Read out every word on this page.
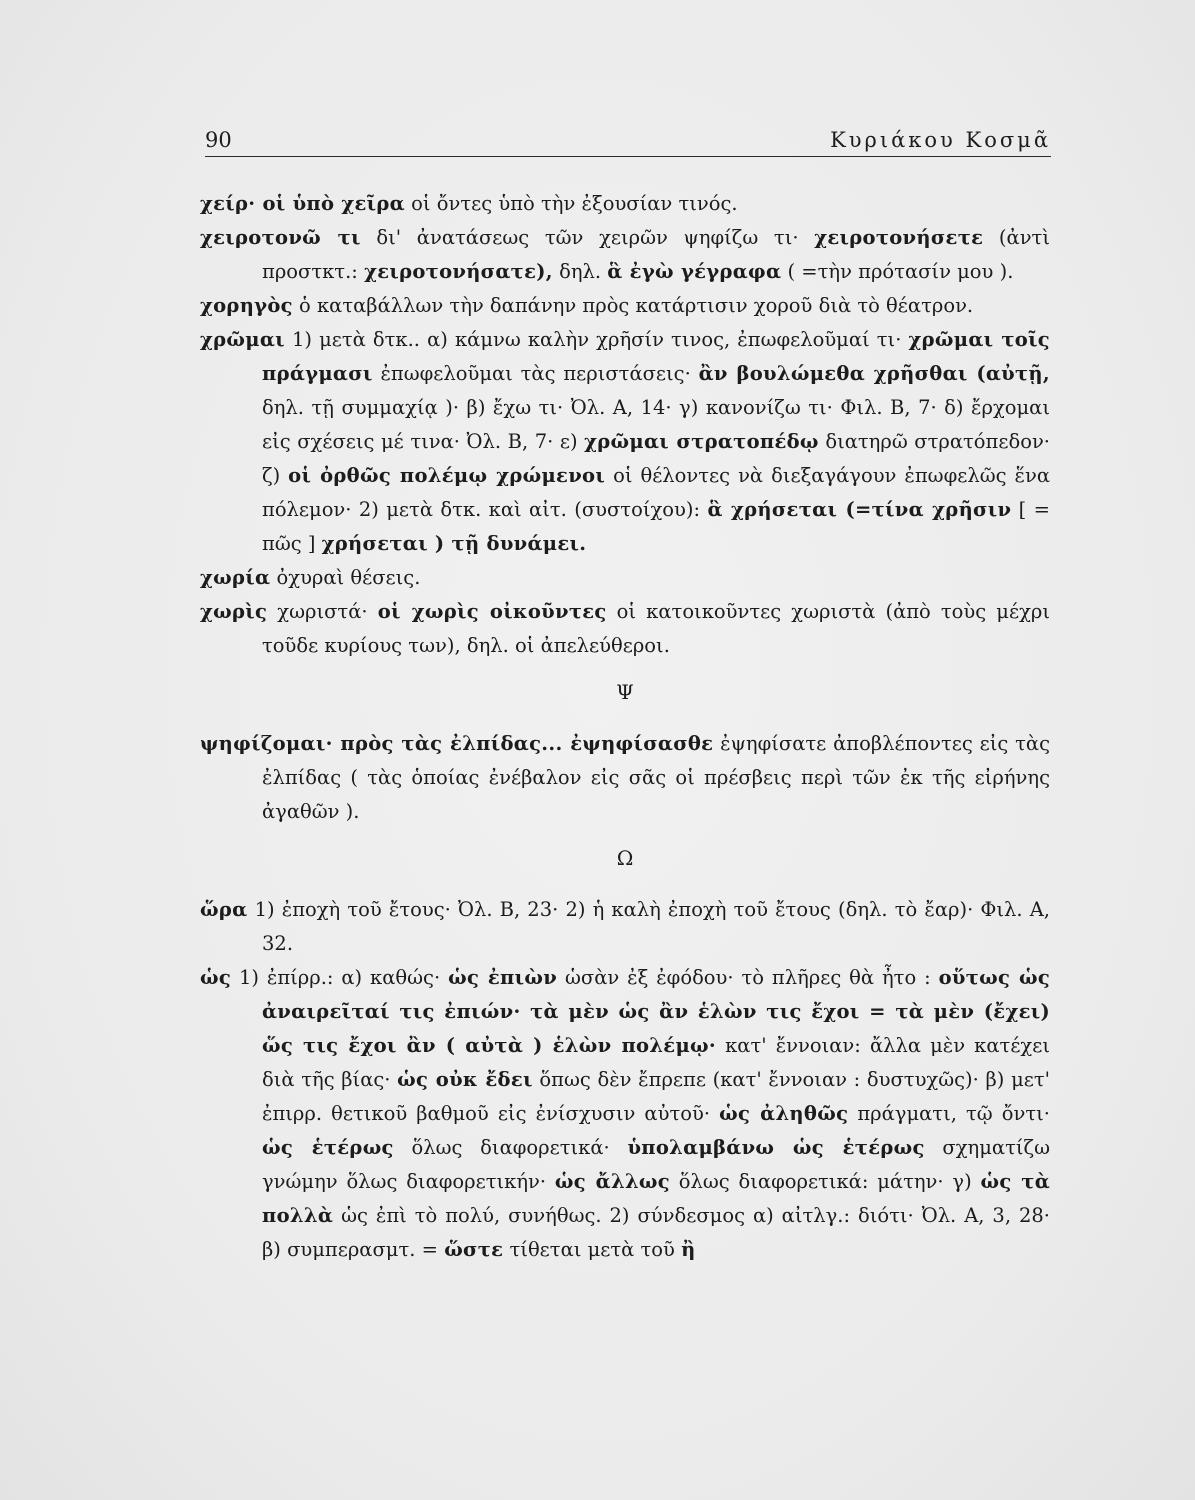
90	Κυριάκου Κοσμᾶ

χείρ· οἱ ὑπὸ χεῖρα οἱ ὄντες ὑπὸ τὴν ἐξουσίαν τινός.

χειροτονῶ τι δι' ἀνατάσεως τῶν χειρῶν ψηφίζω τι· χειροτονήσετε (ἀντὶ προστκτ.: χειροτονήσατε), δηλ. ἃ ἐγὼ γέγραφα ( =τὴν πρότασίν μου ).

χορηγὸς ὁ καταβάλλων τὴν δαπάνην πρὸς κατάρτισιν χοροῦ διὰ τὸ θέατρον.

χρῶμαι 1) μετὰ δτκ.. α) κάμνω καλὴν χρῆσίν τινος, ἐπωφελοῦμαί τι· χρῶμαι τοῖς πράγμασι ἐπωφελοῦμαι τὰς περιστάσεις· ἂν βουλώμεθα χρῆσθαι (αὐτῇ, δηλ. τῇ συμμαχίᾳ )· β) ἔχω τι· Ὀλ. Α, 14· γ) κανονίζω τι· Φιλ. Β, 7· δ) ἔρχομαι εἰς σχέσεις μέ τινα· Ὀλ. Β, 7· ε) χρῶμαι στρατοπέδῳ διατηρῶ στρατόπεδον· ζ) οἱ ὀρθῶς πολέμῳ χρώμενοι οἱ θέλοντες νὰ διεξαγάγουν ἐπωφελῶς ἕνα πόλεμον· 2) μετὰ δτκ. καὶ αἰτ. (συστοίχου): ἃ χρήσεται (=τίνα χρῆσιν [ = πῶς ] χρήσεται ) τῇ δυνάμει.

χωρία ὀχυραὶ θέσεις.

χωρὶς χωριστά· οἱ χωρὶς οἰκοῦντες οἱ κατοικοῦντες χωριστὰ (ἀπὸ τοὺς μέχρι τοῦδε κυρίους των), δηλ. οἱ ἀπελεύθεροι.

Ψ

ψηφίζομαι· πρὸς τὰς ἐλπίδας... ἐψηφίσασθε ἐψηφίσατε ἀποβλέποντες εἰς τὰς ἐλπίδας ( τὰς ὁποίας ἐνέβαλον εἰς σᾶς οἱ πρέσβεις περὶ τῶν ἐκ τῆς εἰρήνης ἀγαθῶν ).

Ω

ὥρα 1) ἐποχὴ τοῦ ἔτους· Ὀλ. Β, 23· 2) ἡ καλὴ ἐποχὴ τοῦ ἔτους (δηλ. τὸ ἔαρ)· Φιλ. Α, 32.

ὡς 1) ἐπίρρ.: α) καθώς· ὡς ἐπιὼν ὡσὰν ἐξ ἐφόδου· τὸ πλῆρες θὰ ἦτο : οὕτως ὡς ἀναιρεῖταί τις ἐπιών· τὰ μὲν ὡς ἂν ἑλὼν τις ἔχοι = τὰ μὲν (ἔχει) ὥς τις ἔχοι ἂν ( αὐτὰ ) ἑλὼν πολέμῳ· κατ' ἔννοιαν: ἄλλα μὲν κατέχει διὰ τῆς βίας· ὡς οὐκ ἔδει ὅπως δὲν ἔπρεπε (κατ' ἔννοιαν : δυστυχῶς)· β) μετ' ἐπιρρ. θετικοῦ βαθμοῦ εἰς ἐνίσχυσιν αὐτοῦ· ὡς ἀληθῶς πράγματι, τῷ ὄντι· ὡς ἑτέρως ὅλως διαφορετικά· ὑπολαμβάνω ὡς ἑτέρως σχηματίζω γνώμην ὅλως διαφορετικήν· ὡς ἄλλως ὅλως διαφορετικά: μάτην· γ) ὡς τὰ πολλὰ ὡς ἐπὶ τὸ πολύ, συνήθως. 2) σύνδεσμος α) αἰτλγ.: διότι· Ὀλ. Α, 3, 28· β) συμπερασμτ. = ὥστε τίθεται μετὰ τοῦ ἢ
